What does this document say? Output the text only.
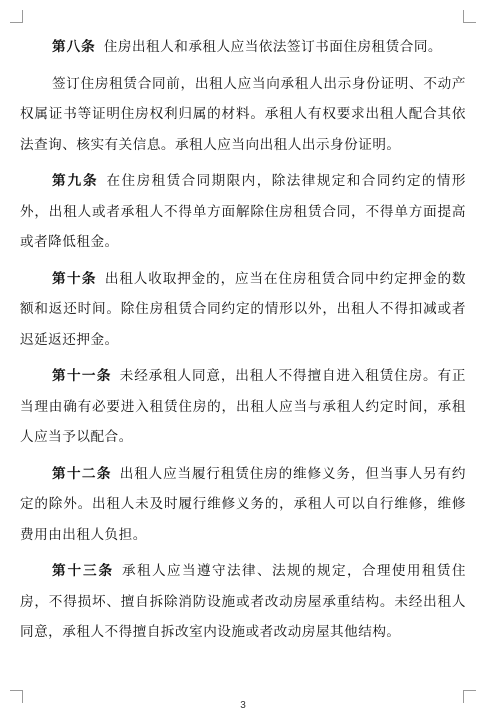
第八条 住房出租人和承租人应当依法签订书面住房租赁合同。

签订住房租赁合同前，出租人应当向承租人出示身份证明、不动产权属证书等证明住房权利归属的材料。承租人有权要求出租人配合其依法查询、核实有关信息。承租人应当向出租人出示身份证明。

第九条 在住房租赁合同期限内，除法律规定和合同约定的情形外，出租人或者承租人不得单方面解除住房租赁合同，不得单方面提高或者降低租金。

第十条 出租人收取押金的，应当在住房租赁合同中约定押金的数额和返还时间。除住房租赁合同约定的情形以外，出租人不得扣减或者迟延返还押金。

第十一条 未经承租人同意，出租人不得擅自进入租赁住房。有正当理由确有必要进入租赁住房的，出租人应当与承租人约定时间，承租人应当予以配合。

第十二条 出租人应当履行租赁住房的维修义务，但当事人另有约定的除外。出租人未及时履行维修义务的，承租人可以自行维修，维修费用由出租人负担。

第十三条 承租人应当遵守法律、法规的规定，合理使用租赁住房，不得损坏、擅自拆除消防设施或者改动房屋承重结构。未经出租人同意，承租人不得擅自拆改室内设施或者改动房屋其他结构。

3
